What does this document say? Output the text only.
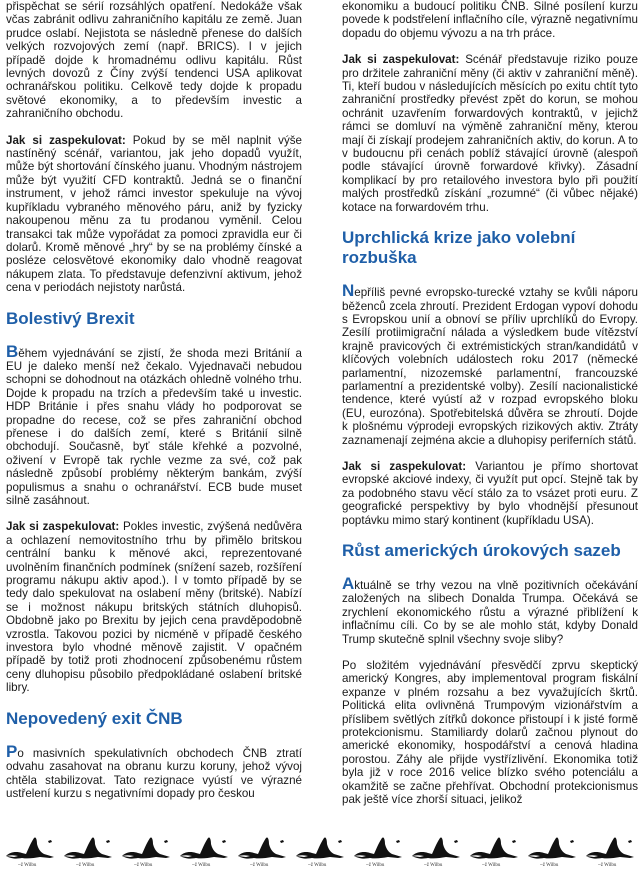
přispěchat se sérií rozsáhlých opatření. Nedokáže však včas zabránit odlivu zahraničního kapitálu ze země. Juan prudce oslabí. Nejistota se následně přenese do dalších velkých rozvojových zemí (např. BRICS). I v jejich případě dojde k hromadnému odlivu kapitálu. Růst levných dovozů z Číny zvýší tendenci USA aplikovat ochranářskou politiku. Celkově tedy dojde k propadu světové ekonomiky, a to především investic a zahraničního obchodu.

Jak si zaspekulovat: Pokud by se měl naplnit výše nastíněný scénář, variantou, jak jeho dopadů využít, může být shortování čínského juanu. Vhodným nástrojem může být využití CFD kontraktů. Jedná se o finanční instrument, v jehož rámci investor spekuluje na vývoj kupříkladu vybraného měnového páru, aniž by fyzicky nakoupenou měnu za tu prodanou vyměnil. Celou transakci tak může vypořádat za pomoci zpravidla eur či dolarů. Kromě měnové „hry“ by se na problémy čínské a posléze celosvětové ekonomiky dalo vhodně reagovat nákupem zlata. To představuje defenzivní aktivum, jehož cena v periodách nejistoty narůstá.

Bolestivý Brexit

Během vyjednávání se zjistí, že shoda mezi Británií a EU je daleko menší než čekalo. Vyjednavači nebudou schopni se dohodnout na otázkách ohledně volného trhu. Dojde k propadu na trzích a především také u investic. HDP Británie i přes snahu vlády ho podporovat se propadne do recese, což se přes zahraniční obchod přenese i do dalších zemí, které s Británií silně obchodují. Současně, byť stále křehké a pozvolné, oživení v Evropě tak rychle vezme za své, což pak následně způsobí problémy některým bankám, zvýší populismus a snahu o ochranářství. ECB bude muset silně zasáhnout.

Jak si zaspekulovat: Pokles investic, zvýšená nedůvěra a ochlazení nemovitostního trhu by přimělo britskou centrální banku k měnové akci, reprezentované uvolněním finančních podmínek (snížení sazeb, rozšíření programu nákupu aktiv apod.). I v tomto případě by se tedy dalo spekulovat na oslabení měny (britské). Nabízí se i možnost nákupu britských státních dluhopisů. Obdobně jako po Brexitu by jejich cena pravděpodobně vzrostla. Takovou pozici by nicméně v případě českého investora bylo vhodné měnově zajistit. V opačném případě by totiž proti zhodnocení způsobenému růstem ceny dluhopisu působilo předpokládané oslabení britské libry.

Nepovedený exit ČNB

Po masivních spekulativních obchodech ČNB ztratí odvahu zasahovat na obranu kurzu koruny, jehož vývoj chtěla stabilizovat. Tato rezignace vyústí ve výrazné ustřelení kurzu s negativními dopady pro českou

ekonomiku a budoucí politiku ČNB. Silné posílení kurzu povede k podstřelení inflačního cíle, výrazně negativnímu dopadu do objemu vývozu a na trh práce.

Jak si zaspekulovat: Scénář představuje riziko pouze pro držitele zahraniční měny (či aktiv v zahraniční měně). Ti, kteří budou v následujících měsících po exitu chtít tyto zahraniční prostředky převést zpět do korun, se mohou ochránit uzavřením forwardových kontraktů, v jejichž rámci se domluví na výměně zahraniční měny, kterou mají či získají prodejem zahraničních aktiv, do korun. A to v budoucnu při cenách poblíž stávající úrovně (alespoň podle stávající úrovně forwardové křivky). Zásadní komplikací by pro retailového investora bylo při použití malých prostředků získání „rozumné“ (či vůbec nějaké) kotace na forwardovém trhu.

Uprchlická krize jako volební rozbuška

Nepříliš pevné evropsko-turecké vztahy se kvůli náporu běženců zcela zhroutí. Prezident Erdogan vypoví dohodu s Evropskou unií a obnoví se příliv uprchlíků do Evropy. Zesílí protiimigrační nálada a výsledkem bude vítězství krajně pravicových či extrémistických stran/kandidátů v klíčových volebních událostech roku 2017 (německé parlamentní, nizozemské parlamentní, francouzské parlamentní a prezidentské volby). Zesílí nacionalistické tendence, které vyústí až v rozpad evropského bloku (EU, eurozóna). Spotřebitelská důvěra se zhroutí. Dojde k plošnému výprodeji evropských rizikových aktiv. Ztráty zaznamenají zejména akcie a dluhopisy periferních států.

Jak si zaspekulovat: Variantou je přímo shortovat evropské akciové indexy, či využít put opcí. Stejně tak by za podobného stavu věcí stálo za to vsázet proti euru. Z geografické perspektivy by bylo vhodnější přesunout poptávku mimo starý kontinent (kupříkladu USA).

Růst amerických úrokových sazeb

Aktuálně se trhy vezou na vlně pozitivních očekávání založených na slibech Donalda Trumpa. Očekává se zrychlení ekonomického růstu a výrazné přiblížení k inflačnímu cíli. Co by se ale mohlo stát, kdyby Donald Trump skutečně splnil všechny svoje sliby?

Po složitém vyjednávání přesvědčí zprvu skeptický americký Kongres, aby implementoval program fiskální expanze v plném rozsahu a bez vyvažujících škrtů. Politická elita ovlivněná Trumpovým vizionářstvím a příslibem světlých zítřků dokonce přistoupí i k jisté formě protekcionismu. Stamiliardy dolarů začnou plynout do americké ekonomiky, hospodářství a cenová hladina porostou. Záhy ale přijde vystřízlivění. Ekonomika totiž byla již v roce 2016 velice blízko svého potenciálu a okamžitě se začne přehřívat. Obchodní protekcionismus pak ještě více zhorší situaci, jelikož

~ž Wilbu	~ž Wilbu	~ž Wilbu	~ž Wilbu	~ž Wilbu	~ž Wilbu	~ž Wilbu	~ž Wilbu	~ž Wilbu	~ž Wilbu	~ž Wilbu
